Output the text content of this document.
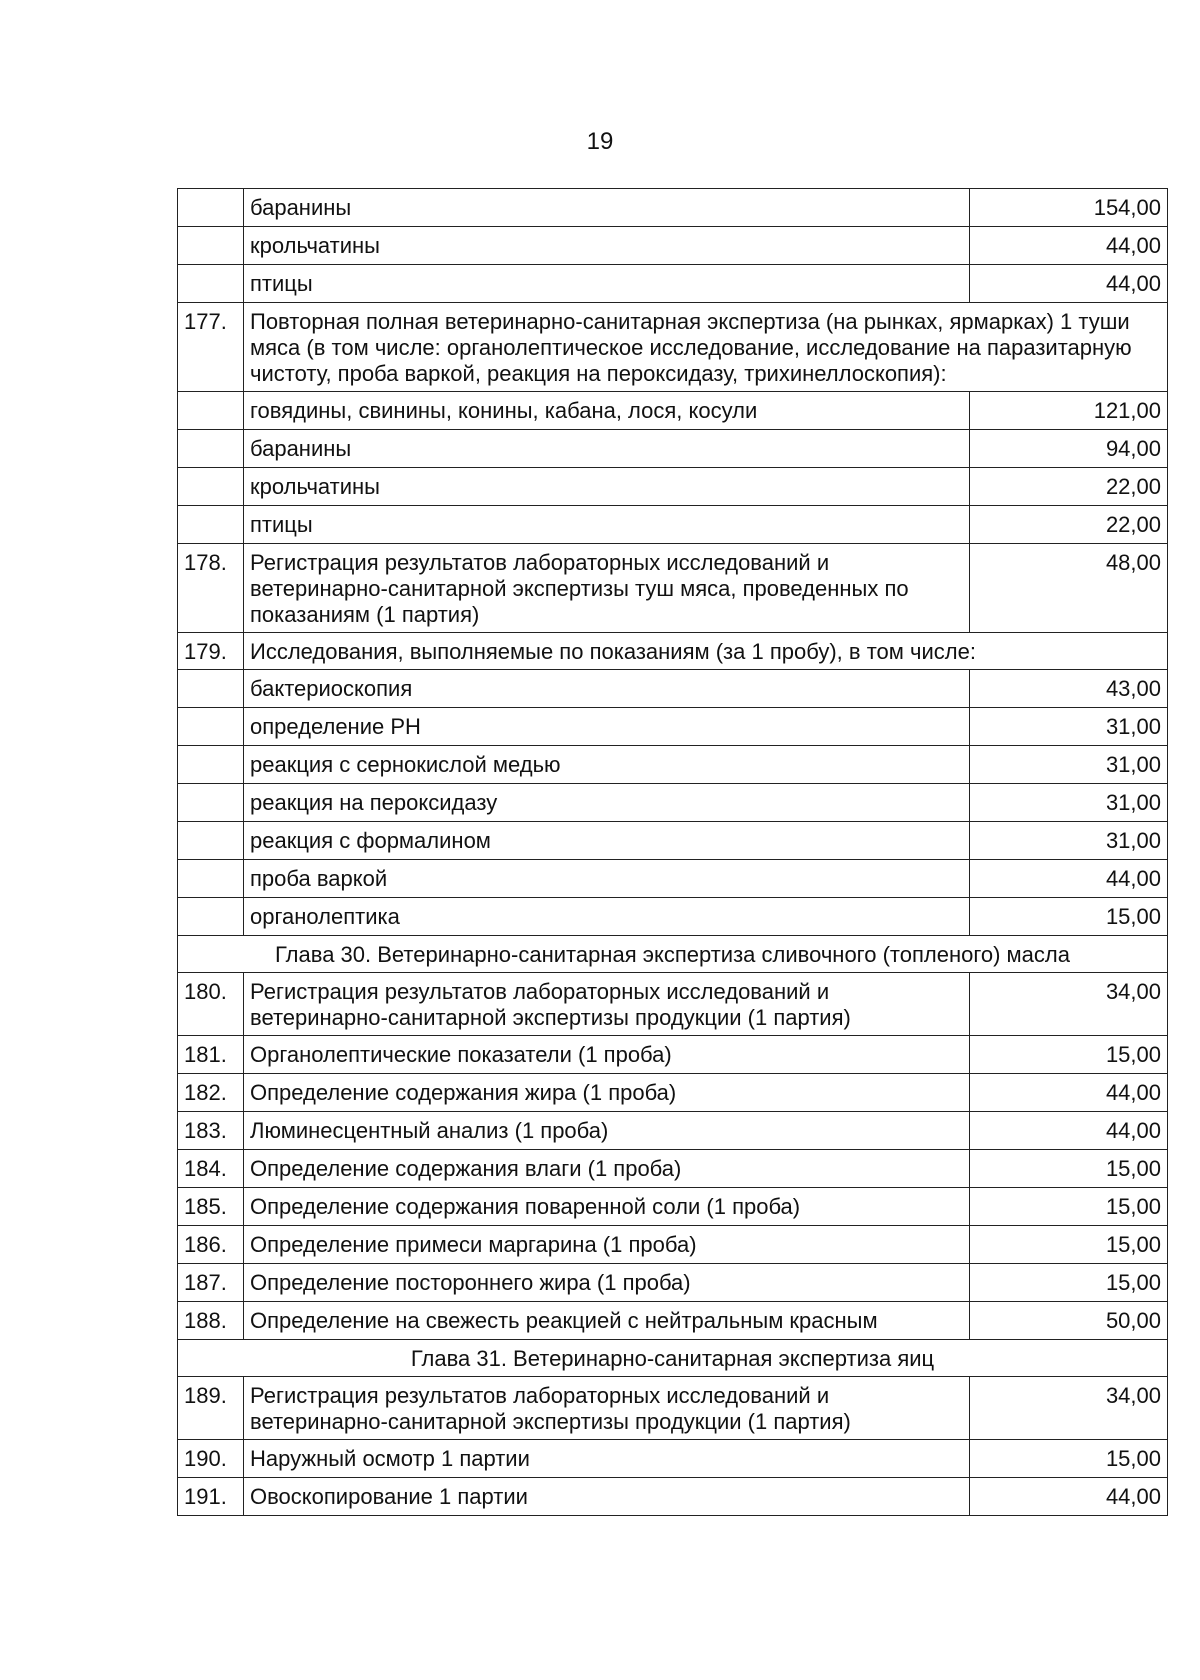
19
	баранины	154,00
	крольчатины	44,00
	птицы	44,00
177.	Повторная полная ветеринарно-санитарная экспертиза (на рынках, ярмарках) 1 туши мяса (в том числе: органолептическое исследование, исследование на паразитарную чистоту, проба варкой, реакция на пероксидазу, трихинеллоскопия):	
	говядины, свинины, конины, кабана, лося, косули	121,00
	баранины	94,00
	крольчатины	22,00
	птицы	22,00
178.	Регистрация результатов лабораторных исследований и ветеринарно-санитарной экспертизы туш мяса, проведенных по показаниям (1 партия)	48,00
179.	Исследования, выполняемые по показаниям (за 1 пробу), в том числе:	
	бактериоскопия	43,00
	определение PH	31,00
	реакция с сернокислой медью	31,00
	реакция на пероксидазу	31,00
	реакция с формалином	31,00
	проба варкой	44,00
	органолептика	15,00
Глава 30. Ветеринарно-санитарная экспертиза сливочного (топленого) масла		
180.	Регистрация результатов лабораторных исследований и ветеринарно-санитарной экспертизы продукции (1 партия)	34,00
181.	Органолептические показатели (1 проба)	15,00
182.	Определение содержания жира (1 проба)	44,00
183.	Люминесцентный анализ (1 проба)	44,00
184.	Определение содержания влаги (1 проба)	15,00
185.	Определение содержания поваренной соли (1 проба)	15,00
186.	Определение примеси маргарина (1 проба)	15,00
187.	Определение постороннего жира (1 проба)	15,00
188.	Определение на свежесть реакцией с нейтральным красным	50,00
Глава 31. Ветеринарно-санитарная экспертиза яиц		
189.	Регистрация результатов лабораторных исследований и ветеринарно-санитарной экспертизы продукции (1 партия)	34,00
190.	Наружный осмотр 1 партии	15,00
191.	Овоскопирование 1 партии	44,00
